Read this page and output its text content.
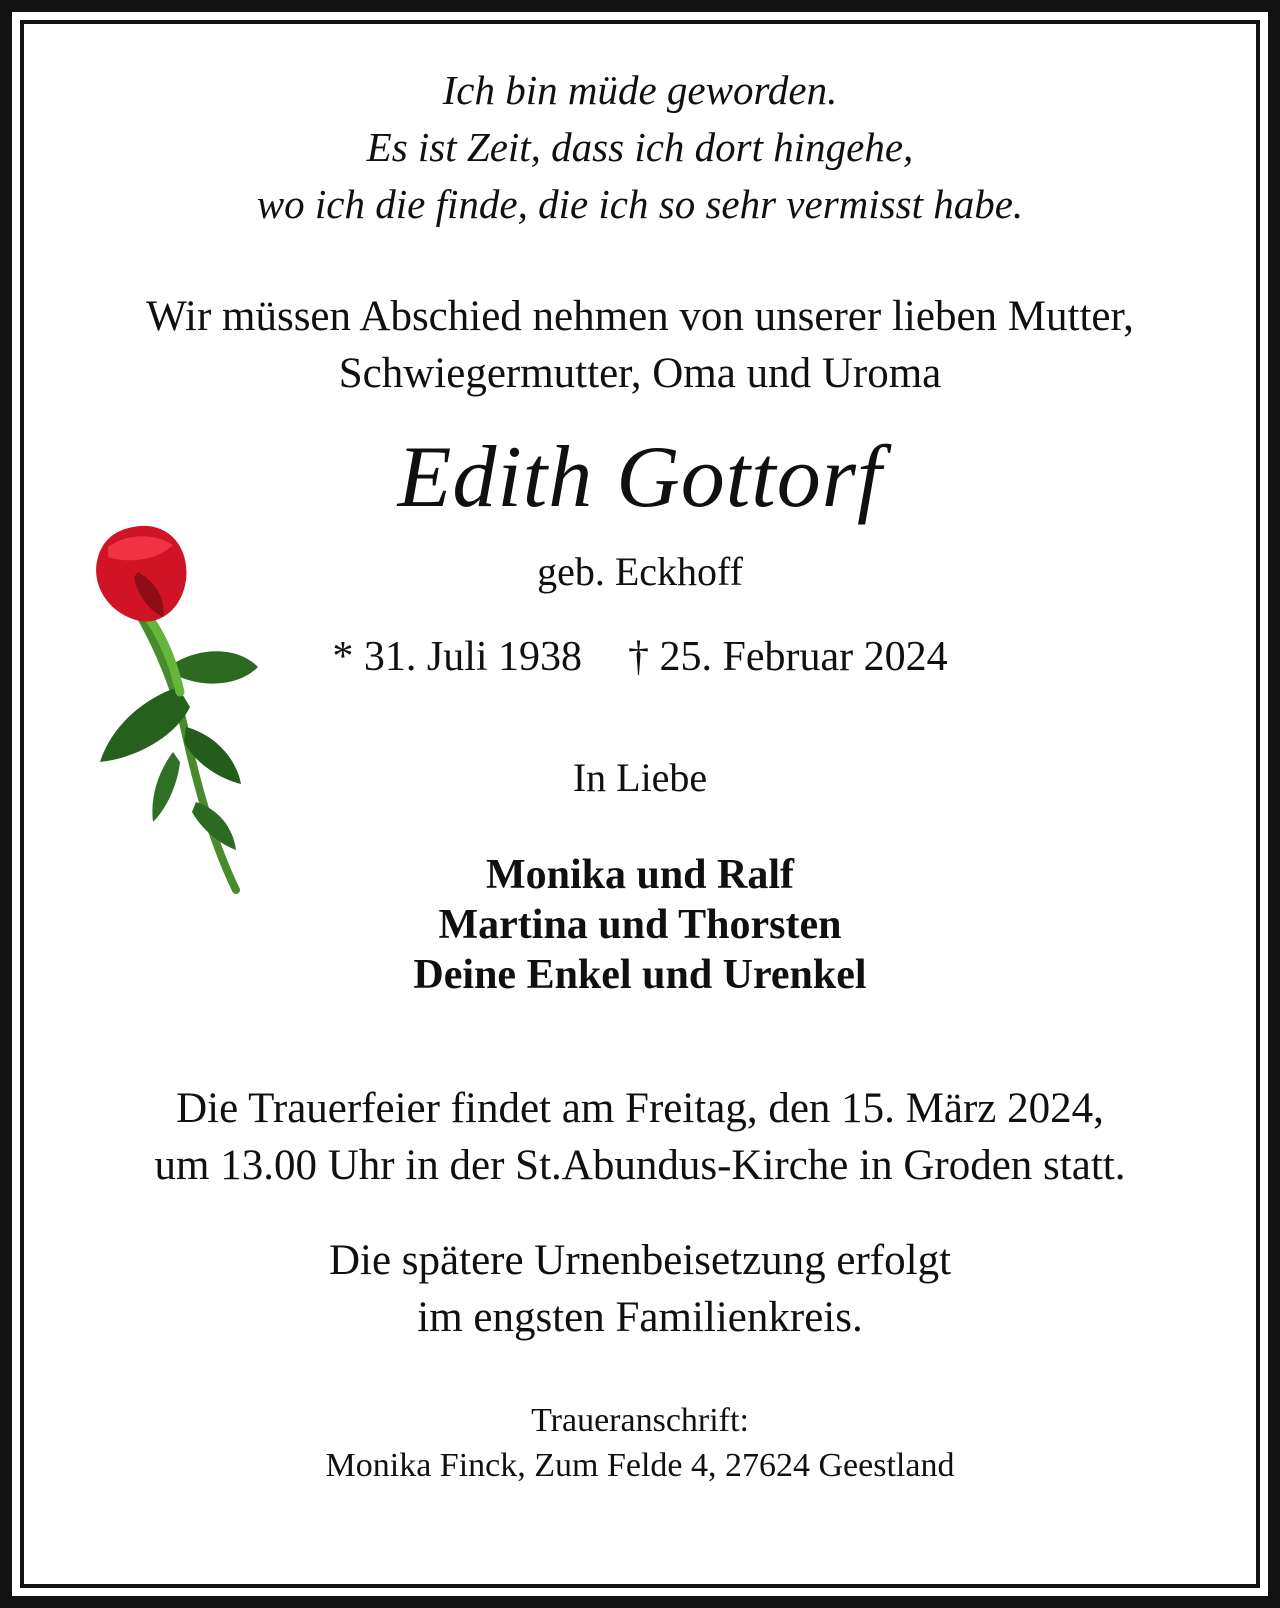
Ich bin müde geworden.
Es ist Zeit, dass ich dort hingehe,
wo ich die finde, die ich so sehr vermisst habe.
Wir müssen Abschied nehmen von unserer lieben Mutter,
Schwiegermutter, Oma und Uroma
Edith Gottorf
geb. Eckhoff
* 31. Juli 1938 † 25. Februar 2024
In Liebe
Monika und Ralf
Martina und Thorsten
Deine Enkel und Urenkel
Die Trauerfeier findet am Freitag, den 15. März 2024,
um 13.00 Uhr in der St.Abundus-Kirche in Groden statt.
Die spätere Urnenbeisetzung erfolgt
im engsten Familienkreis.
Traueranschrift:
Monika Finck, Zum Felde 4, 27624 Geestland
